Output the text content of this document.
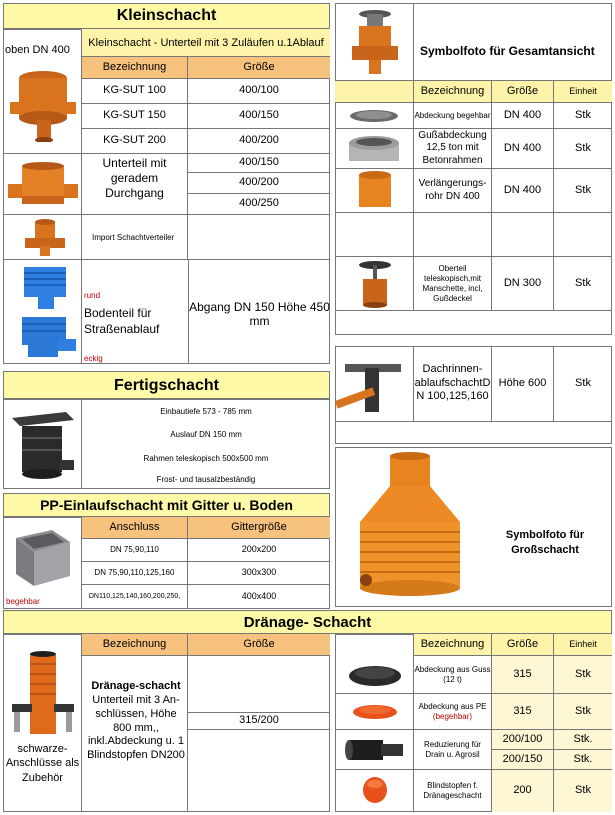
Kleinschacht
oben DN 400
Kleinschacht - Unterteil mit 3 Zuläufen u.1Ablauf
Bezeichnung	Größe
KG-SUT 100	400/100
KG-SUT 150	400/150
KG-SUT 200	400/200
Unterteil mit geradem Durchgang
400/150
400/200
400/250
Import Schachtverteiler
rund
Bodenteil für Straßenablauf
eckig
Abgang DN 150 Höhe 450 mm
Fertigschacht
Einbautiefe 573 - 785 mm
Auslauf DN 150 mm
Rahmen teleskopisch 500x500 mm
Frost- und tausalzbeständig
PP-Einlaufschacht mit Gitter u. Boden
begehbar
Anschluss	Gittergröße
DN 75,90,110	200x200
DN 75,90,110,125,160	300x300
DN110,125,140,160,200,250,	400x400
Dränage- Schacht
schwarze-Anschlüsse als Zubehör
Bezeichnung	Größe
Dränage-schacht
Unterteil mit 3 An-schlüssen, Höhe 800 mm,, inkl.Abdeckung u. 1 Blindstopfen DN200
315/200
Symbolfoto für Gesamtansicht
Bezeichnung	Größe	Einheit
Abdeckung begehbar	DN 400	Stk
Gußabdeckung 12,5 ton mit Betonrahmen
DN 400	Stk
Verlängerungs-rohr DN 400
DN 400	Stk
Oberteil teleskopisch,mit Manschette, incl, Gußdeckel
DN 300	Stk
Dachrinnen-ablaufschachtD N 100,125,160
Höhe 600	Stk
Symbolfoto für Großschacht
Bezeichnung	Größe	Einheit
Abdeckung aus Guss (12 t)	315	Stk
Abdeckung aus PE
(begehbar)
315	Stk
Reduzierung für Drain u. Agrosil
200/100	Stk.
200/150	Stk.
Blindstopfen f. Dränageschacht	200	Stk
